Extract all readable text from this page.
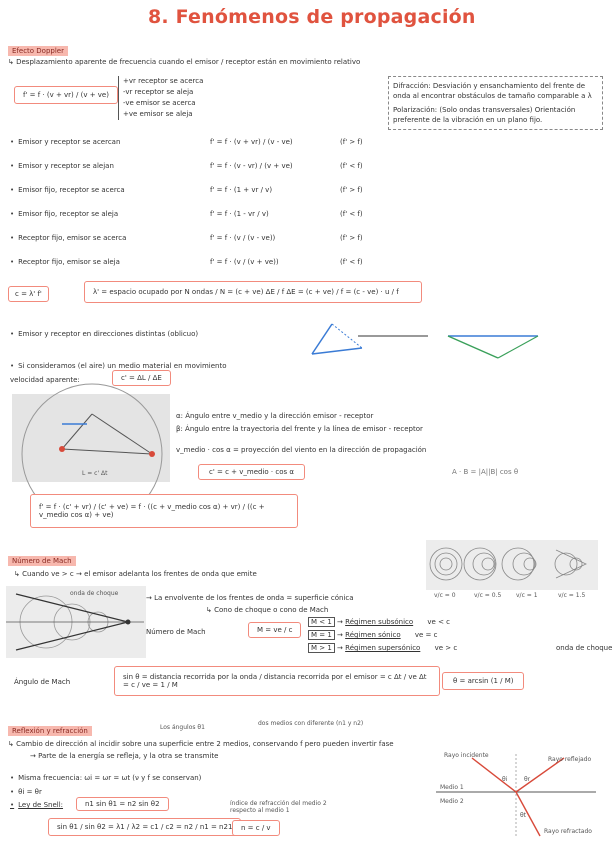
8. Fenómenos de propagación
Efecto Doppler
↳ Desplazamiento aparente de frecuencia cuando el emisor / receptor están en movimiento relativo
f' = f · (v + vr) / (v + ve)
+vr receptor se acerca
-vr receptor se aleja
-ve emisor se acerca
+ve emisor se aleja
Difracción: Desviación y ensanchamiento del frente de onda al encontrar obstáculos de tamaño comparable a λ
Polarización: (Solo ondas transversales) Orientación preferente de la vibración en un plano fijo.
• Emisor y receptor se acercan	f' = f · (v + vr) / (v - ve)	(f' > f)
• Emisor y receptor se alejan	f' = f · (v - vr) / (v + ve)	(f' < f)
• Emisor fijo, receptor se acerca	f' = f · (1 + vr / v)	(f' > f)
• Emisor fijo, receptor se aleja	f' = f · (1 - vr / v)	(f' < f)
• Receptor fijo, emisor se acerca	f' = f · (v / (v - ve))	(f' > f)
• Receptor fijo, emisor se aleja	f' = f · (v / (v + ve))	(f' < f)
c = λ' f'	λ' = espacio ocupado por N ondas / N = (c + ve) ΔE / f ΔE = (c + ve) / f = (c - ve) · u / f
• Emisor y receptor en direcciones distintas (oblicuo)
• Si consideramos (el aire) un medio material en movimiento
velocidad aparente:	c' = ΔL / ΔE
L = c' Δt
α: Ángulo entre v_medio y la dirección emisor - receptor
β: Ángulo entre la trayectoria del frente y la línea de emisor - receptor
v_medio · cos α = proyección del viento en la dirección de propagación
c' = c + v_medio · cos α	A · B = |A||B| cos θ
f' = f · (c' + vr) / (c' + ve) = f · ((c + v_medio cos α) + vr) / ((c + v_medio cos α) + ve)
Número de Mach
↳ Cuando ve > c → el emisor adelanta los frentes de onda que emite
v/c = 0	v/c = 0.5 v/c = 1	v/c = 1.5
onda de choque
→ La envolvente de los frentes de onda = superficie cónica
↳ Cono de choque o cono de Mach
Número de Mach	M = ve / c
M < 1 → Régimen subsónico ve < c
M = 1 → Régimen sónico ve = c
M > 1 → Régimen supersónico ve > c	onda de choque
Ángulo de Mach
sin θ = distancia recorrida por la onda / distancia recorrida por el emisor = c Δt / ve Δt = c / ve = 1 / M	θ = arcsin (1 / M)
Reflexión y refracción	Los ángulos θ1
dos medios con diferente (n1 y n2)
↳ Cambio de dirección al incidir sobre una superficie entre 2 medios, conservando f pero pueden invertir fase
→ Parte de la energía se refleja, y la otra se transmite
• Misma frecuencia: ωi = ωr = ωt (ν y f se conservan)
• θi = θr
• Ley de Snell:	n1 sin θ1 = n2 sin θ2	índice de refracción del medio 2 respecto al medio 1
sin θ1 / sin θ2 = λ1 / λ2 = c1 / c2 = n2 / n1 = n21	n = c / v
Rayo incidente
Rayo reflejado
Rayo refractado
Medio 1
Medio 2
θi	θr
θt
